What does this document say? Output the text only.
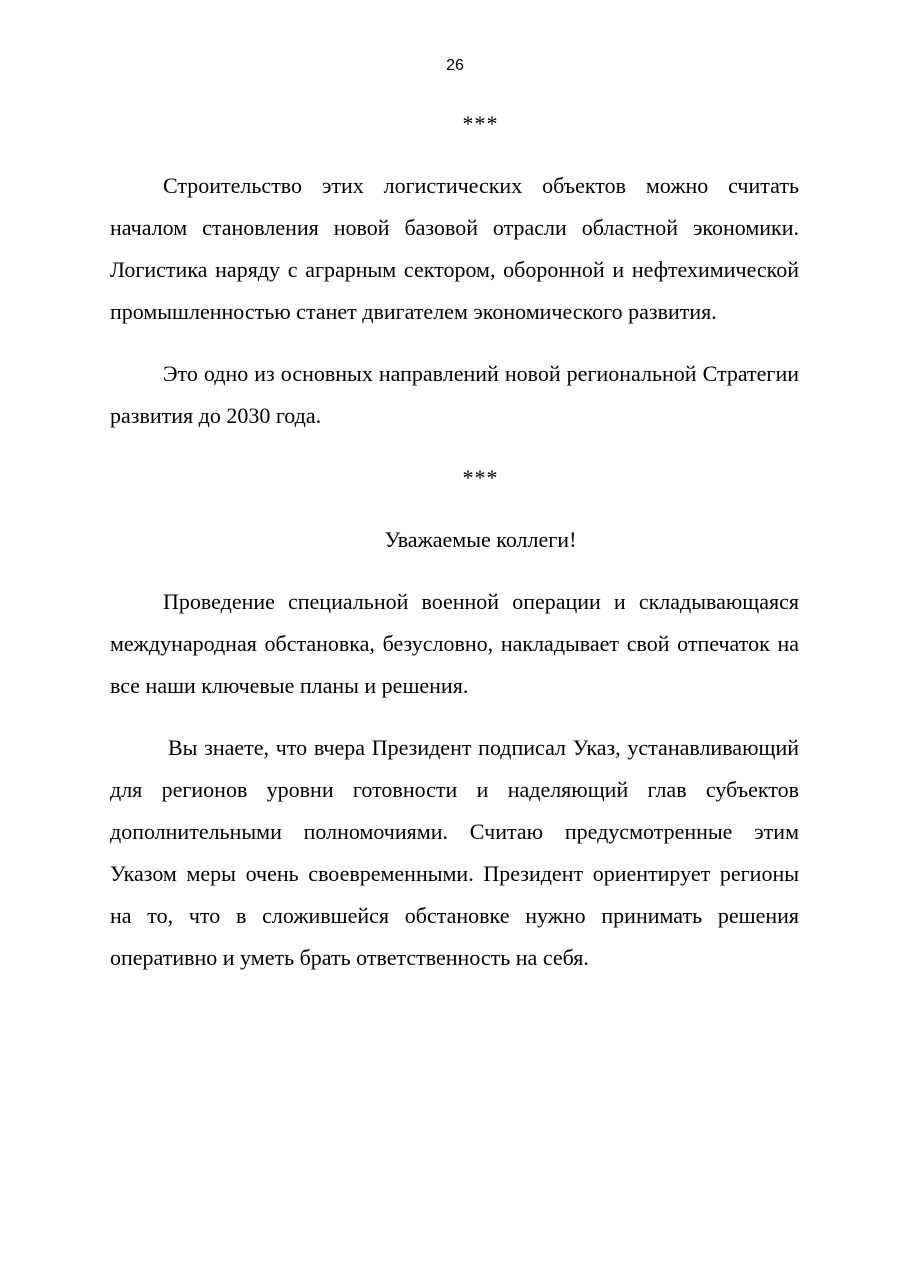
26
***

Строительство этих логистических объектов можно считать началом становления новой базовой отрасли областной экономики. Логистика наряду с аграрным сектором, оборонной и нефтехимической промышленностью станет двигателем экономического развития.

Это одно из основных направлений новой региональной Стратегии развития до 2030 года.

***
Уважаемые коллеги!

Проведение специальной военной операции и складывающаяся международная обстановка, безусловно, накладывает свой отпечаток на все наши ключевые планы и решения.

Вы знаете, что вчера Президент подписал Указ, устанавливающий для регионов уровни готовности и наделяющий глав субъектов дополнительными полномочиями. Считаю предусмотренные этим Указом меры очень своевременными. Президент ориентирует регионы на то, что в сложившейся обстановке нужно принимать решения оперативно и уметь брать ответственность на себя.
